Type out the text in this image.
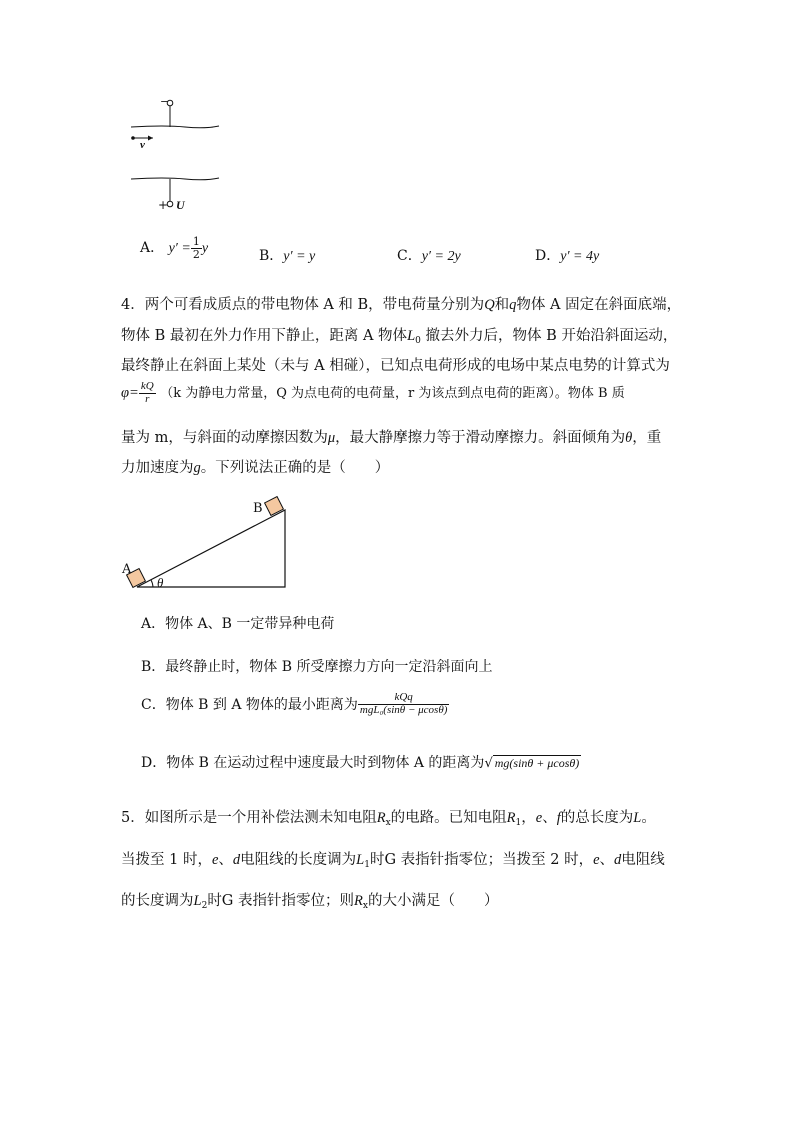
−
v
+ U
A． $y' = \frac{1}{2}$ y	B．y′ = y	C．y′ = 2y	D．y′ = 4y
4．两个可看成质点的带电物体 A 和 B，带电荷量分别为Q和q物体 A 固定在斜面底端，
物体 B 最初在外力作用下静止，距离 A 物体$L_0$ 撤去外力后，物体 B 开始沿斜面运动，
最终静止在斜面上某处（未与 A 相碰），已知点电荷形成的电场中某点电势的计算式为
$\varphi= \frac{kQ}{r} (k$ 为静电力常量，Q 为点电荷的电荷量，r 为该点到点电荷的距离）。物体 B 质
量为 m，与斜面的动摩擦因数为μ，最大静摩擦力等于滑动摩擦力。斜面倾角为θ，重
力加速度为g。下列说法正确的是（　　）
A
B
θ
A．物体 A、B 一定带异种电荷
B．最终静止时，物体 B 所受摩擦力方向一定沿斜面向上
C．物体 B 到 A 物体的最小距离为 $\frac{\text{kQq}}{\text{mgL₀(sinθ − μcosθ)}}$
D．物体 B 在运动过程中速度最大时到物体 A 的距离为√ mg(sinθ + μcosθ)
5．如图所示是一个用补偿法测未知电阻$R_x$的电路。已知电阻$R_1$，e、f的总长度为L。
当拨至 1 时，e、d电阻线的长度调为$L_1$时G 表指针指零位；当拨至 2 时，e、d电阻线
的长度调为$L_2$时G 表指针指零位；则$R_x$的大小满足（　　）
